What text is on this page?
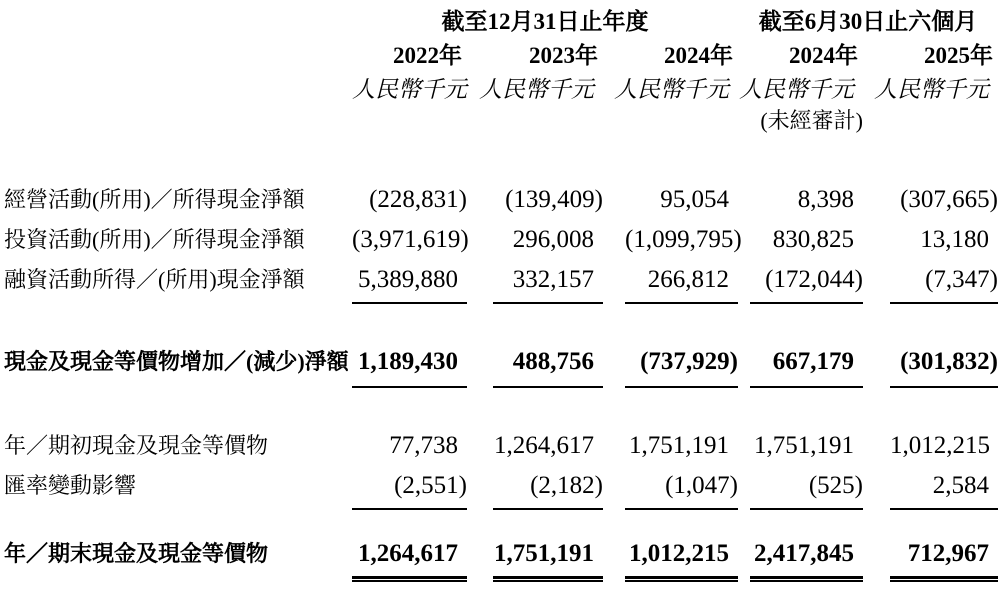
截至12月31日止年度	截至6月30日止六個月
2022年	2023年	2024年	2024年	2025年
人民幣千元 人民幣千元 人民幣千元 人民幣千元 人民幣千元
(未經審計)
經營活動(所用)／所得現金淨額	(228,831)	(139,409)	95,054	8,398	(307,665)
投資活動(所用)／所得現金淨額	(3,971,619)	296,008	(1,099,795)	830,825	13,180
融資活動所得／(所用)現金淨額	5,389,880	332,157	266,812	(172,044)	(7,347)
現金及現金等價物增加／(減少)淨額 1,189,430	488,756	(737,929)	667,179	(301,832)
年／期初現金及現金等價物	77,738	1,264,617	1,751,191	1,751,191	1,012,215
匯率變動影響	(2,551)	(2,182)	(1,047)	(525)	2,584
年／期末現金及現金等價物	1,264,617	1,751,191	1,012,215	2,417,845	712,967
